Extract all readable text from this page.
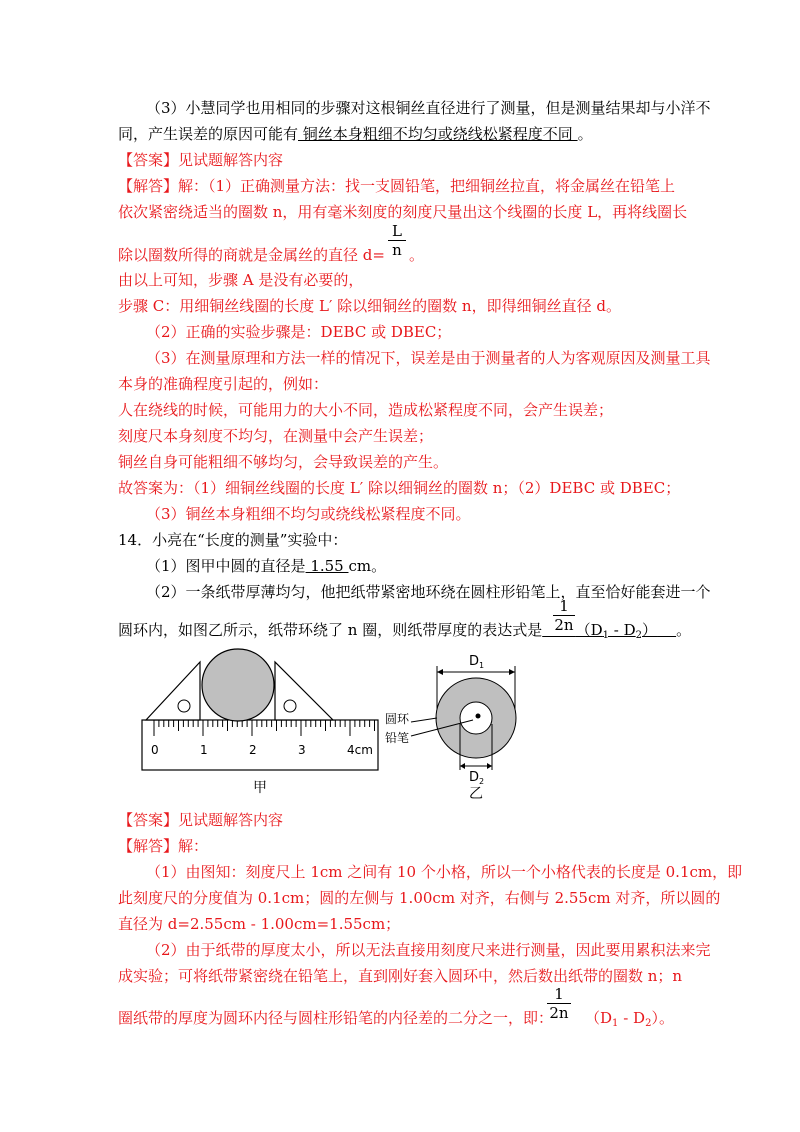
（3）小慧同学也用相同的步骤对这根铜丝直径进行了测量，但是测量结果却与小洋不
同，产生误差的原因可能有 铜丝本身粗细不均匀或绕线松紧程度不同 。
【答案】见试题解答内容
【解答】解：（1）正确测量方法：找一支圆铅笔，把细铜丝拉直，将金属丝在铅笔上
依次紧密绕适当的圈数 n，用有毫米刻度的刻度尺量出这个线圈的长度 L，再将线圈长
除以圈数所得的商就是金属丝的直径 d= 。
L
n
由以上可知，步骤 A 是没有必要的，
步骤 C：用细铜丝线圈的长度 L′ 除以细铜丝的圈数 n，即得细铜丝直径 d。
（2）正确的实验步骤是：DEBC 或 DBEC；
（3）在测量原理和方法一样的情况下，误差是由于测量者的人为客观原因及测量工具
本身的准确程度引起的，例如：
人在绕线的时候，可能用力的大小不同，造成松紧程度不同，会产生误差；
刻度尺本身刻度不均匀，在测量中会产生误差；
铜丝自身可能粗细不够均匀，会导致误差的产生。
故答案为：（1）细铜丝线圈的长度 L′ 除以细铜丝的圈数 n；（2）DEBC 或 DBEC；
（3）铜丝本身粗细不均匀或绕线松紧程度不同。
14．小亮在“长度的测量”实验中：
（1）图甲中圆的直径是 1.55 cm。
（2）一条纸带厚薄均匀，他把纸带紧密地环绕在圆柱形铅笔上，直至恰好能套进一个
圆环内，如图乙所示，纸带环绕了 n 圈，则纸带厚度的表达式是 $(D_1 - D_2)$ 。
1
2n
0	1	2	3	4cm
甲
$D_1$
$D_2$
圆环
铅笔
乙
【答案】见试题解答内容
【解答】解：
（1）由图知：刻度尺上 1cm 之间有 10 个小格，所以一个小格代表的长度是 0.1cm，即
此刻度尺的分度值为 0.1cm；圆的左侧与 1.00cm 对齐，右侧与 2.55cm 对齐，所以圆的
直径为 d=2.55cm - 1.00cm=1.55cm；
（2）由于纸带的厚度太小，所以无法直接用刻度尺来进行测量，因此要用累积法来完
成实验；可将纸带紧密绕在铅笔上，直到刚好套入圆环中，然后数出纸带的圈数 n；n
圈纸带的厚度为圆环内径与圆柱形铅笔的内径差的二分之一，即： $(D_1 - D_2)$。
1
2n
